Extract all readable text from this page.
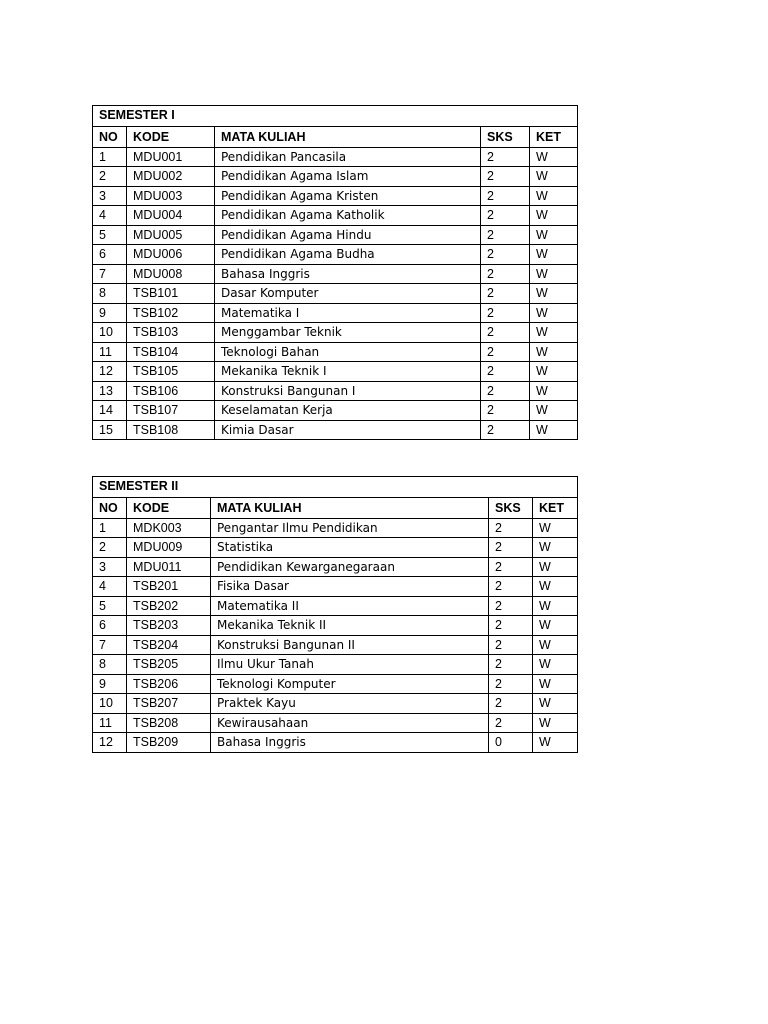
SEMESTER I				
NO	KODE	MATA KULIAH	SKS	KET
1	MDU001	Pendidikan Pancasila	2	W
2	MDU002	Pendidikan Agama Islam	2	W
3	MDU003	Pendidikan Agama Kristen	2	W
4	MDU004	Pendidikan Agama Katholik	2	W
5	MDU005	Pendidikan Agama Hindu	2	W
6	MDU006	Pendidikan Agama Budha	2	W
7	MDU008	Bahasa Inggris	2	W
8	TSB101	Dasar Komputer	2	W
9	TSB102	Matematika I	2	W
10	TSB103	Menggambar Teknik	2	W
11	TSB104	Teknologi Bahan	2	W
12	TSB105	Mekanika Teknik I	2	W
13	TSB106	Konstruksi Bangunan I	2	W
14	TSB107	Keselamatan Kerja	2	W
15	TSB108	Kimia Dasar	2	W
SEMESTER II				
NO	KODE	MATA KULIAH	SKS	KET
1	MDK003	Pengantar Ilmu Pendidikan	2	W
2	MDU009	Statistika	2	W
3	MDU011	Pendidikan Kewarganegaraan	2	W
4	TSB201	Fisika Dasar	2	W
5	TSB202	Matematika II	2	W
6	TSB203	Mekanika Teknik II	2	W
7	TSB204	Konstruksi Bangunan II	2	W
8	TSB205	Ilmu Ukur Tanah	2	W
9	TSB206	Teknologi Komputer	2	W
10	TSB207	Praktek Kayu	2	W
11	TSB208	Kewirausahaan	2	W
12	TSB209	Bahasa Inggris	0	W
